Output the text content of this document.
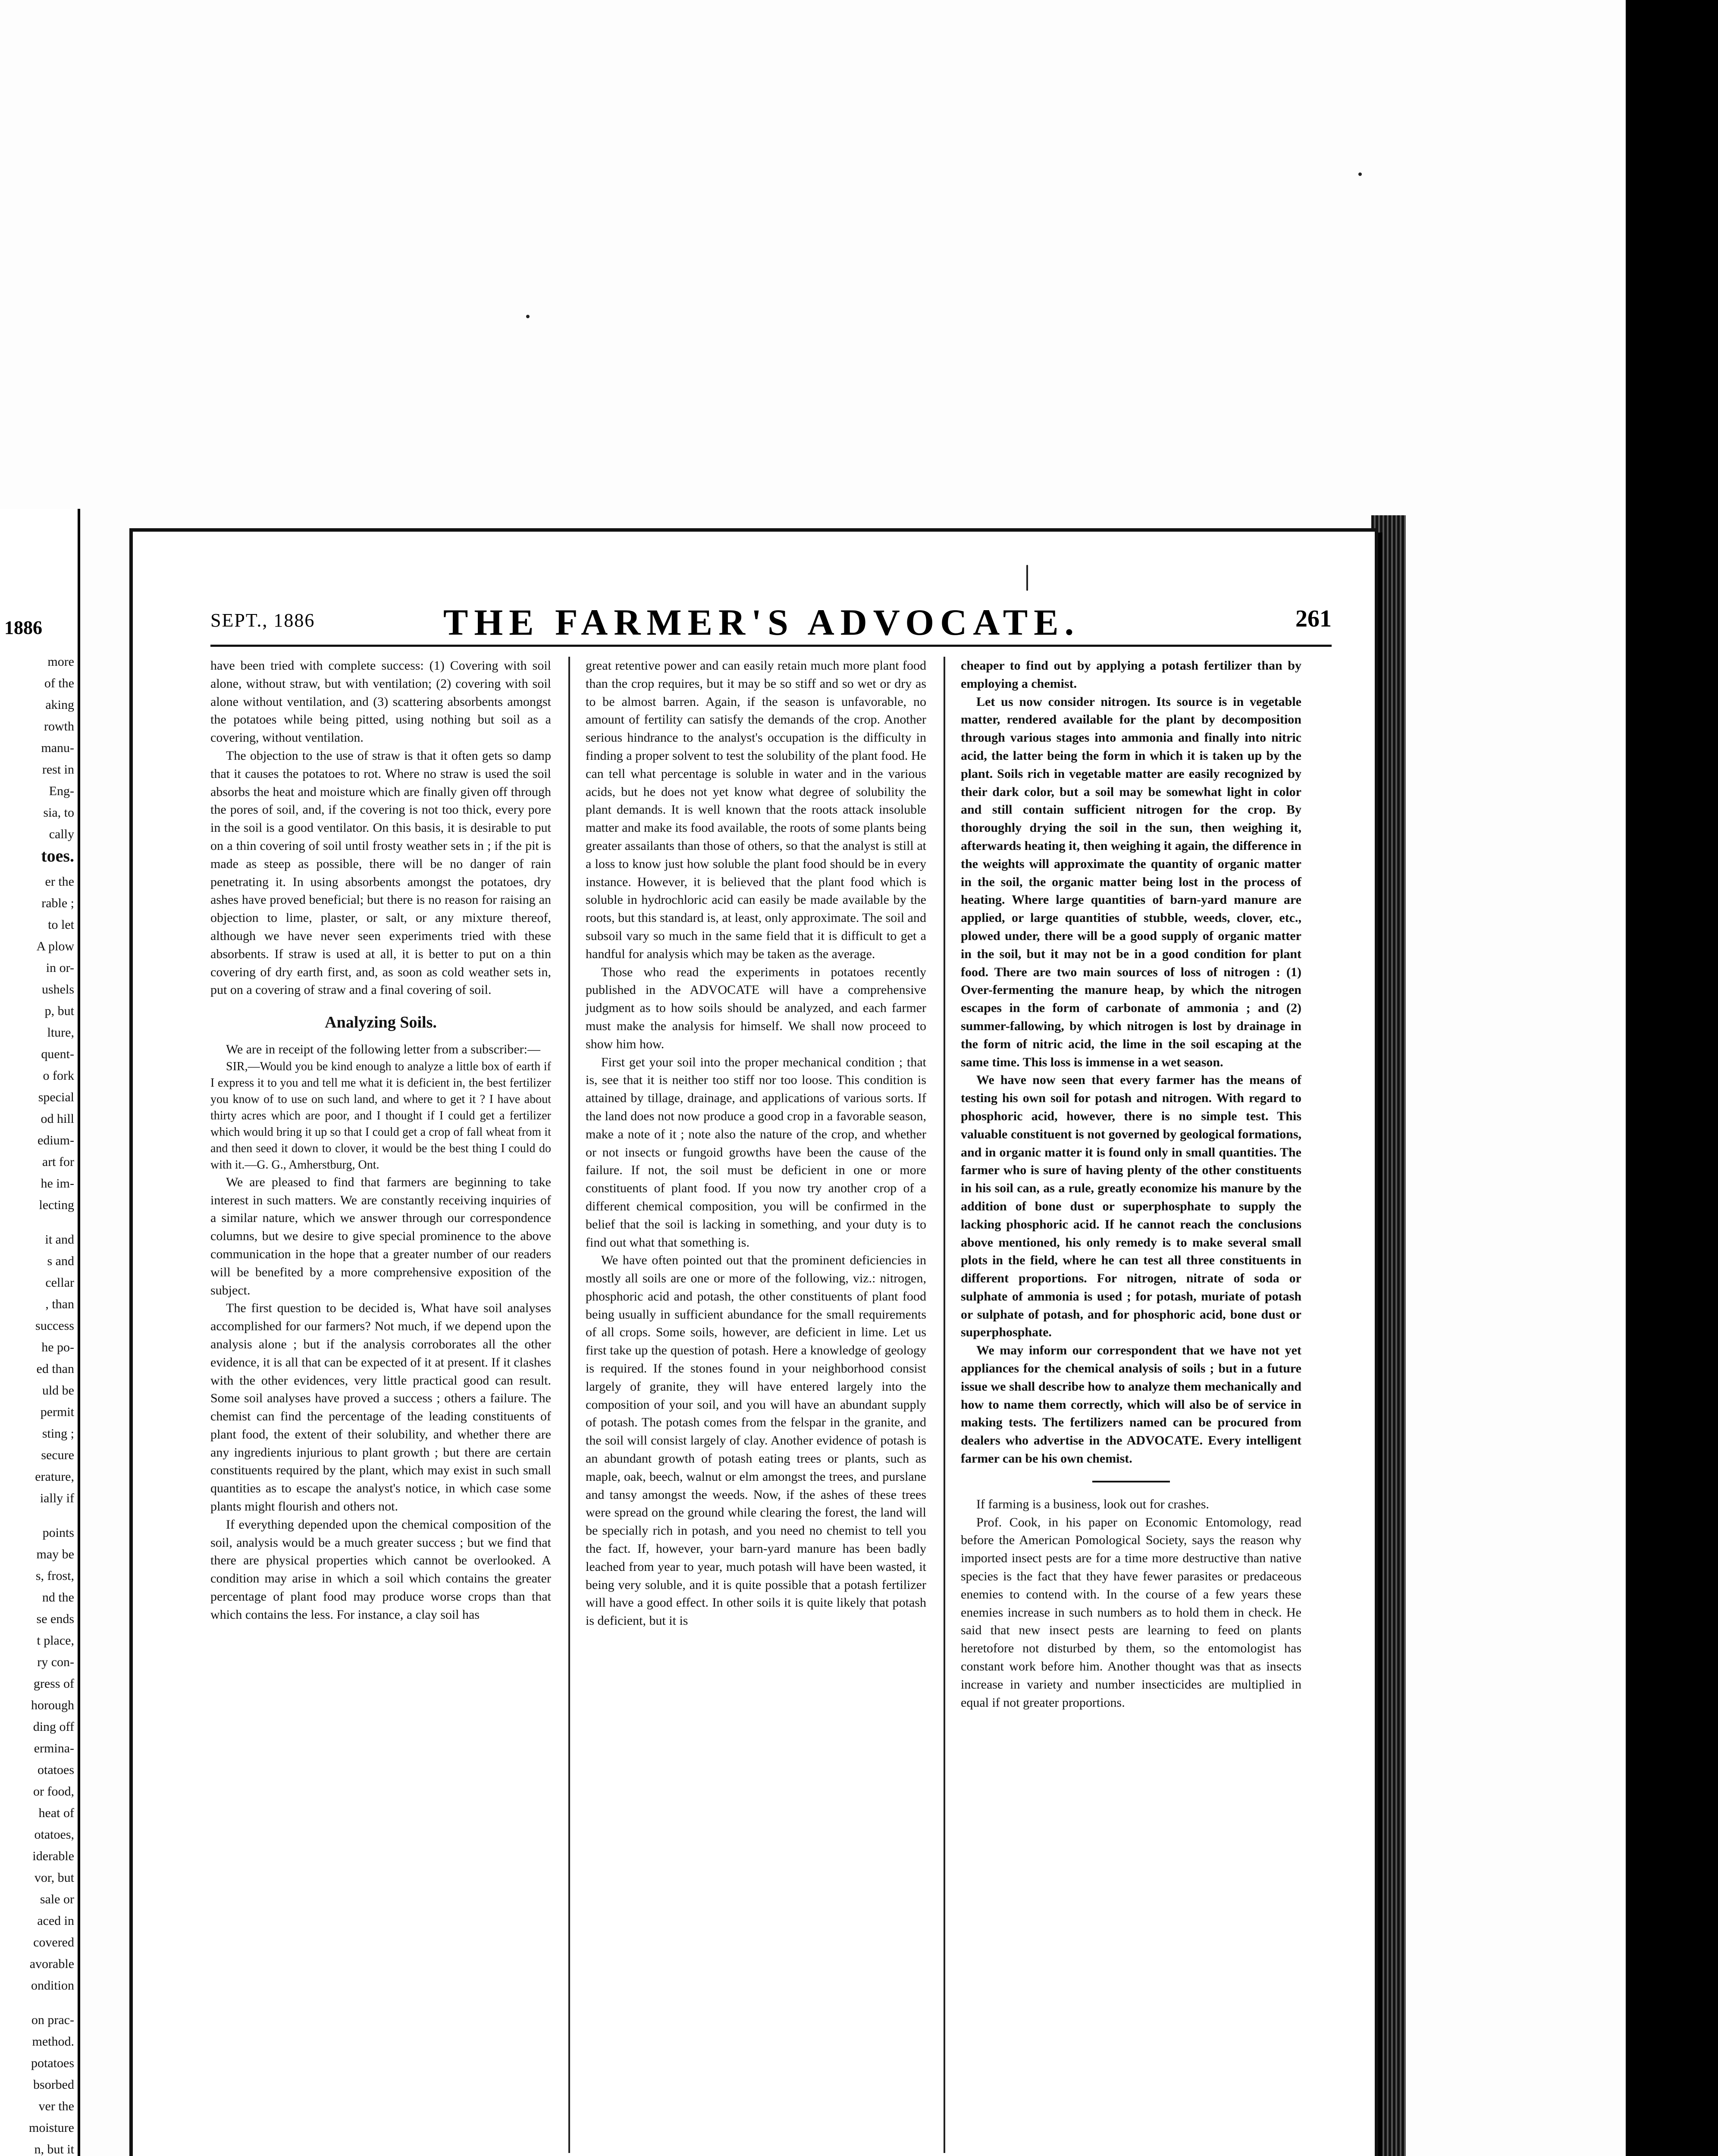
1886
more
of the
aking
rowth
manu-
rest in
Eng-
sia, to
cally
toes.
er the
rable ;
to let
A plow
in or-
ushels
p, but
lture,
quent-
o fork
special
od hill
edium-
art for
he im-
lecting
it and
s and
cellar
, than
success
he po-
ed than
uld be
permit
sting ;
secure
erature,
ially if
points
may be
s, frost,
nd the
se ends
t place,
ry con-
gress of
horough
ding off
ermina-
otatoes
or food,
heat of
otatoes,
iderable
vor, but
sale or
aced in
covered
avorable
ondition
on prac-
method.
potatoes
bsorbed
ver the
moisture
n, but it
SEPT., 1886	THE FARMER'S ADVOCATE.	261

have been tried with complete success: (1) Covering with soil alone, without straw, but with ventilation; (2) covering with soil alone without ventilation, and (3) scattering absorbents amongst the potatoes while being pitted, using nothing but soil as a covering, without ventilation.

The objection to the use of straw is that it often gets so damp that it causes the potatoes to rot. Where no straw is used the soil absorbs the heat and moisture which are finally given off through the pores of soil, and, if the covering is not too thick, every pore in the soil is a good ventilator. On this basis, it is desirable to put on a thin covering of soil until frosty weather sets in ; if the pit is made as steep as possible, there will be no danger of rain penetrating it. In using absorbents amongst the potatoes, dry ashes have proved beneficial; but there is no reason for raising an objection to lime, plaster, or salt, or any mixture thereof, although we have never seen experiments tried with these absorbents. If straw is used at all, it is better to put on a thin covering of dry earth first, and, as soon as cold weather sets in, put on a covering of straw and a final covering of soil.

Analyzing Soils.

We are in receipt of the following letter from a subscriber:—

SIR,—Would you be kind enough to analyze a little box of earth if I express it to you and tell me what it is deficient in, the best fertilizer you know of to use on such land, and where to get it ? I have about thirty acres which are poor, and I thought if I could get a fertilizer which would bring it up so that I could get a crop of fall wheat from it and then seed it down to clover, it would be the best thing I could do with it.—G. G., Amherstburg, Ont.

We are pleased to find that farmers are beginning to take interest in such matters. We are constantly receiving inquiries of a similar nature, which we answer through our correspondence columns, but we desire to give special prominence to the above communication in the hope that a greater number of our readers will be benefited by a more comprehensive exposition of the subject.

The first question to be decided is, What have soil analyses accomplished for our farmers? Not much, if we depend upon the analysis alone ; but if the analysis corroborates all the other evidence, it is all that can be expected of it at present. If it clashes with the other evidences, very little practical good can result. Some soil analyses have proved a success ; others a failure. The chemist can find the percentage of the leading constituents of plant food, the extent of their solubility, and whether there are any ingredients injurious to plant growth ; but there are certain constituents required by the plant, which may exist in such small quantities as to escape the analyst's notice, in which case some plants might flourish and others not.

If everything depended upon the chemical composition of the soil, analysis would be a much greater success ; but we find that there are physical properties which cannot be overlooked. A condition may arise in which a soil which contains the greater percentage of plant food may produce worse crops than that which contains the less. For instance, a clay soil has

great retentive power and can easily retain much more plant food than the crop requires, but it may be so stiff and so wet or dry as to be almost barren. Again, if the season is unfavorable, no amount of fertility can satisfy the demands of the crop. Another serious hindrance to the analyst's occupation is the difficulty in finding a proper solvent to test the solubility of the plant food. He can tell what percentage is soluble in water and in the various acids, but he does not yet know what degree of solubility the plant demands. It is well known that the roots attack insoluble matter and make its food available, the roots of some plants being greater assailants than those of others, so that the analyst is still at a loss to know just how soluble the plant food should be in every instance. However, it is believed that the plant food which is soluble in hydrochloric acid can easily be made available by the roots, but this standard is, at least, only approximate. The soil and subsoil vary so much in the same field that it is difficult to get a handful for analysis which may be taken as the average.

Those who read the experiments in potatoes recently published in the ADVOCATE will have a comprehensive judgment as to how soils should be analyzed, and each farmer must make the analysis for himself. We shall now proceed to show him how.

First get your soil into the proper mechanical condition ; that is, see that it is neither too stiff nor too loose. This condition is attained by tillage, drainage, and applications of various sorts. If the land does not now produce a good crop in a favorable season, make a note of it ; note also the nature of the crop, and whether or not insects or fungoid growths have been the cause of the failure. If not, the soil must be deficient in one or more constituents of plant food. If you now try another crop of a different chemical composition, you will be confirmed in the belief that the soil is lacking in something, and your duty is to find out what that something is.

We have often pointed out that the prominent deficiencies in mostly all soils are one or more of the following, viz.: nitrogen, phosphoric acid and potash, the other constituents of plant food being usually in sufficient abundance for the small requirements of all crops. Some soils, however, are deficient in lime. Let us first take up the question of potash. Here a knowledge of geology is required. If the stones found in your neighborhood consist largely of granite, they will have entered largely into the composition of your soil, and you will have an abundant supply of potash. The potash comes from the felspar in the granite, and the soil will consist largely of clay. Another evidence of potash is an abundant growth of potash eating trees or plants, such as maple, oak, beech, walnut or elm amongst the trees, and purslane and tansy amongst the weeds. Now, if the ashes of these trees were spread on the ground while clearing the forest, the land will be specially rich in potash, and you need no chemist to tell you the fact. If, however, your barn-yard manure has been badly leached from year to year, much potash will have been wasted, it being very soluble, and it is quite possible that a potash fertilizer will have a good effect. In other soils it is quite likely that potash is deficient, but it is

cheaper to find out by applying a potash fertilizer than by employing a chemist.

Let us now consider nitrogen. Its source is in vegetable matter, rendered available for the plant by decomposition through various stages into ammonia and finally into nitric acid, the latter being the form in which it is taken up by the plant. Soils rich in vegetable matter are easily recognized by their dark color, but a soil may be somewhat light in color and still contain sufficient nitrogen for the crop. By thoroughly drying the soil in the sun, then weighing it, afterwards heating it, then weighing it again, the difference in the weights will approximate the quantity of organic matter in the soil, the organic matter being lost in the process of heating. Where large quantities of barn-yard manure are applied, or large quantities of stubble, weeds, clover, etc., plowed under, there will be a good supply of organic matter in the soil, but it may not be in a good condition for plant food. There are two main sources of loss of nitrogen : (1) Over-fermenting the manure heap, by which the nitrogen escapes in the form of carbonate of ammonia ; and (2) summer-fallowing, by which nitrogen is lost by drainage in the form of nitric acid, the lime in the soil escaping at the same time. This loss is immense in a wet season.

We have now seen that every farmer has the means of testing his own soil for potash and nitrogen. With regard to phosphoric acid, however, there is no simple test. This valuable constituent is not governed by geological formations, and in organic matter it is found only in small quantities. The farmer who is sure of having plenty of the other constituents in his soil can, as a rule, greatly economize his manure by the addition of bone dust or superphosphate to supply the lacking phosphoric acid. If he cannot reach the conclusions above mentioned, his only remedy is to make several small plots in the field, where he can test all three constituents in different proportions. For nitrogen, nitrate of soda or sulphate of ammonia is used ; for potash, muriate of potash or sulphate of potash, and for phosphoric acid, bone dust or superphosphate.

We may inform our correspondent that we have not yet appliances for the chemical analysis of soils ; but in a future issue we shall describe how to analyze them mechanically and how to name them correctly, which will also be of service in making tests. The fertilizers named can be procured from dealers who advertise in the ADVOCATE. Every intelligent farmer can be his own chemist.

If farming is a business, look out for crashes.

Prof. Cook, in his paper on Economic Entomology, read before the American Pomological Society, says the reason why imported insect pests are for a time more destructive than native species is the fact that they have fewer parasites or predaceous enemies to contend with. In the course of a few years these enemies increase in such numbers as to hold them in check. He said that new insect pests are learning to feed on plants heretofore not disturbed by them, so the entomologist has constant work before him. Another thought was that as insects increase in variety and number insecticides are multiplied in equal if not greater proportions.
